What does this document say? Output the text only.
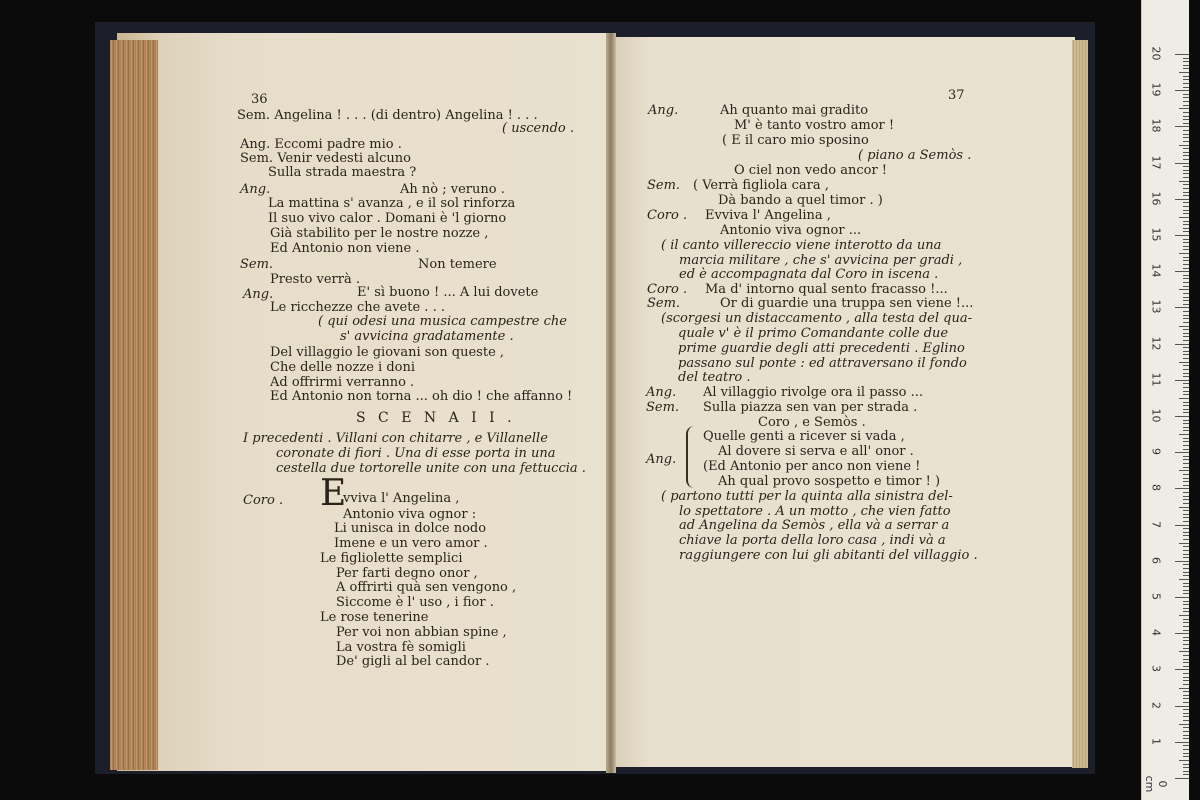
36	37
S C E N A I I .
E
Sem. Angelina ! . . . (di dentro) Angelina ! . . .
( uscendo .
Ang. Eccomi padre mio .
Sem. Venir vedesti alcuno
Sulla strada maestra ?
Ang.	Ah nò ; veruno .
La mattina s' avanza , e il sol rinforza
Il suo vivo calor . Domani è 'l giorno
Già stabilito per le nostre nozze ,
Ed Antonio non viene .
Sem.	Non temere
Presto verrà .
Ang.	E' sì buono ! ... A lui dovete
Le ricchezze che avete . . .
( qui odesi una musica campestre che
s' avvicina gradatamente .
Del villaggio le giovani son queste ,
Che delle nozze i doni
Ad offrirmi verranno .
Ed Antonio non torna ... oh dio ! che affanno !
I precedenti . Villani con chitarre , e Villanelle
coronate di fiori . Una di esse porta in una
cestella due tortorelle unite con una fettuccia .
Coro .	vviva l' Angelina ,
Antonio viva ognor :
Li unisca in dolce nodo
Imene e un vero amor .
Le figliolette semplici
Per farti degno onor ,
A offrirti quà sen vengono ,
Siccome è l' uso , i fior .
Le rose tenerine
Per voi non abbian spine ,
La vostra fè somigli
De' gigli al bel candor .
Ang.	Ah quanto mai gradito
M' è tanto vostro amor !
( E il caro mio sposino
( piano a Semòs .
O ciel non vedo ancor !
Sem. ( Verrà figliola cara ,
Dà bando a quel timor . )
Coro . Evviva l' Angelina ,
Antonio viva ognor ...
( il canto villereccio viene interotto da una
marcia militare , che s' avvicina per gradi ,
ed è accompagnata dal Coro in iscena .
Coro . Ma d' intorno qual sento fracasso !...
Sem.	Or di guardie una truppa sen viene !...
(scorgesi un distaccamento , alla testa del qua-
quale v' è il primo Comandante colle due
prime guardie degli atti precedenti . Eglino
passano sul ponte : ed attraversano il fondo
del teatro .
Ang. Al villaggio rivolge ora il passo ...
Sem. Sulla piazza sen van per strada .
Coro , e Semòs .
Quelle genti a ricever si vada ,
Ang.
Al dovere si serva e all' onor .
(Ed Antonio per anco non viene !
Ah qual provo sospetto e timor ! )
( partono tutti per la quinta alla sinistra del-
lo spettatore . A un motto , che vien fatto
ad Angelina da Semòs , ella và a serrar a
chiave la porta della loro casa , indi và a
raggiungere con lui gli abitanti del villaggio .
0 cm
1
2
3
4
5
6
7
8
9
10
11
12
13
14
15
16
17
18
19
20
